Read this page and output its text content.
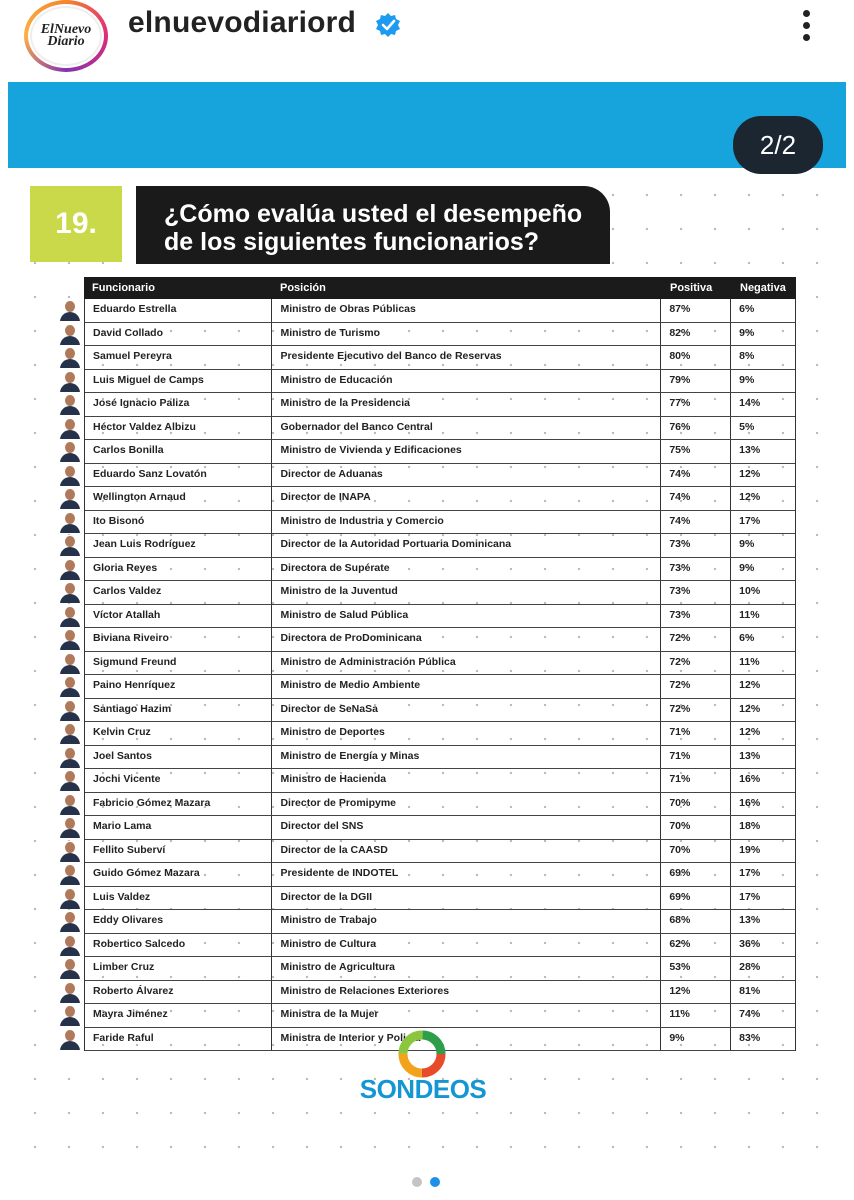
ElNuevo Diario
elnuevodiariord
2/2
19.	¿Cómo evalúa usted el desempeño
de los siguientes funcionarios?
Funcionario	Posición	Positiva	Negativa
Eduardo Estrella	Ministro de Obras Públicas	87%	6%
David Collado	Ministro de Turismo	82%	9%
Samuel Pereyra	Presidente Ejecutivo del Banco de Reservas	80%	8%
Luis Miguel de Camps	Ministro de Educación	79%	9%
José Ignacio Paliza	Ministro de la Presidencia	77%	14%
Héctor Valdez Albizu	Gobernador del Banco Central	76%	5%
Carlos Bonilla	Ministro de Vivienda y Edificaciones	75%	13%
Eduardo Sanz Lovatón	Director de Aduanas	74%	12%
Wellington Arnaud	Director de INAPA	74%	12%
Ito Bisonó	Ministro de Industria y Comercio	74%	17%
Jean Luis Rodríguez	Director de la Autoridad Portuaria Dominicana	73%	9%
Gloria Reyes	Directora de Supérate	73%	9%
Carlos Valdez	Ministro de la Juventud	73%	10%
Víctor Atallah	Ministro de Salud Pública	73%	11%
Biviana Riveiro	Directora de ProDominicana	72%	6%
Sigmund Freund	Ministro de Administración Pública	72%	11%
Paino Henríquez	Ministro de Medio Ambiente	72%	12%
Santiago Hazim	Director de SeNaSa	72%	12%
Kelvin Cruz	Ministro de Deportes	71%	12%
Joel Santos	Ministro de Energía y Minas	71%	13%
Jochi Vicente	Ministro de Hacienda	71%	16%
Fabricio Gómez Mazara	Director de Promipyme	70%	16%
Mario Lama	Director del SNS	70%	18%
Fellito Suberví	Director de la CAASD	70%	19%
Guido Gómez Mazara	Presidente de INDOTEL	69%	17%
Luis Valdez	Director de la DGII	69%	17%
Eddy Olivares	Ministro de Trabajo	68%	13%
Robertico Salcedo	Ministro de Cultura	62%	36%
Limber Cruz	Ministro de Agricultura	53%	28%
Roberto Álvarez	Ministro de Relaciones Exteriores	12%	81%
Mayra Jiménez	Ministra de la Mujer	11%	74%
Faride Raful	Ministra de Interior y Policía	9%	83%
SONDEOS
